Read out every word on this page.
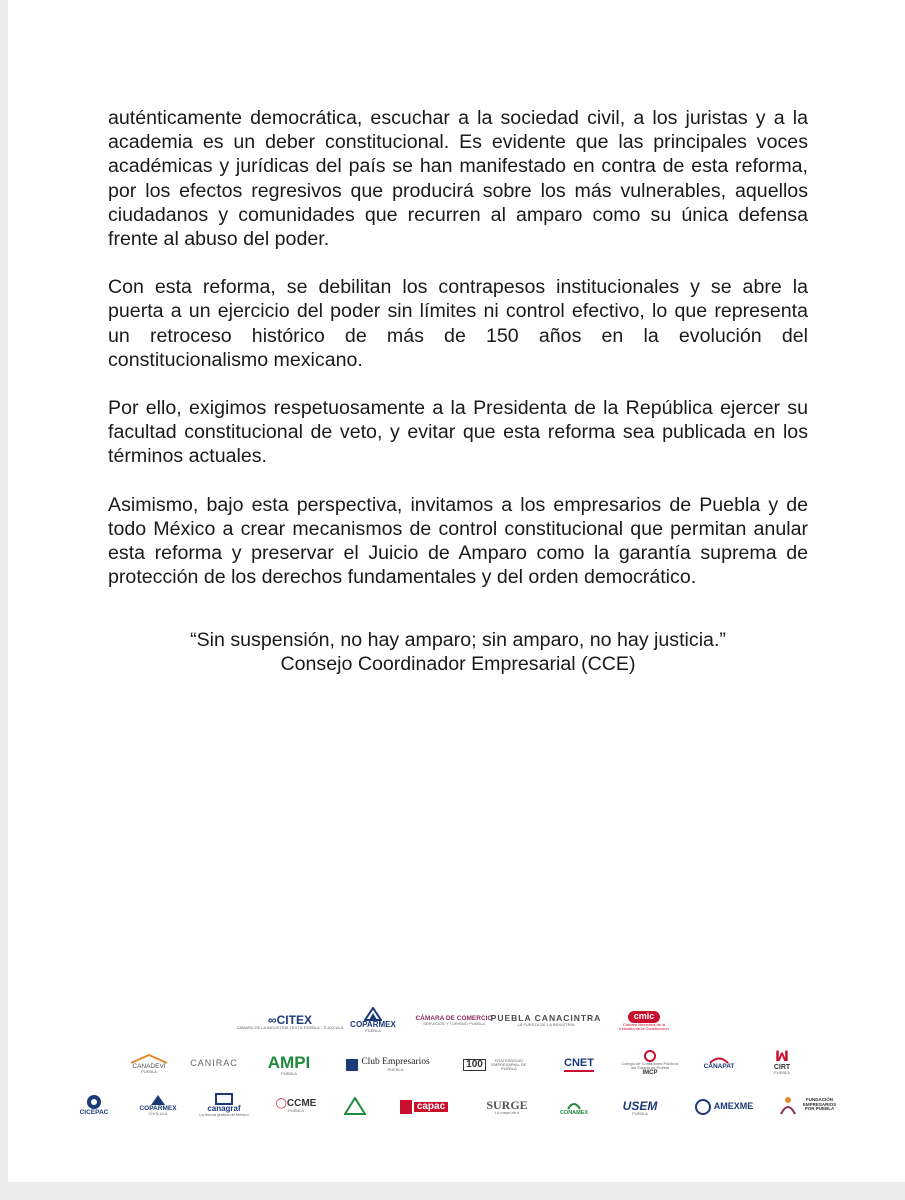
auténticamente democrática, escuchar a la sociedad civil, a los juristas y a la academia es un deber constitucional. Es evidente que las principales voces académicas y jurídicas del país se han manifestado en contra de esta reforma, por los efectos regresivos que producirá sobre los más vulnerables, aquellos ciudadanos y comunidades que recurren al amparo como su única defensa frente al abuso del poder.

Con esta reforma, se debilitan los contrapesos institucionales y se abre la puerta a un ejercicio del poder sin límites ni control efectivo, lo que representa un retroceso histórico de más de 150 años en la evolución del constitucionalismo mexicano.

Por ello, exigimos respetuosamente a la Presidenta de la República ejercer su facultad constitucional de veto, y evitar que esta reforma sea publicada en los términos actuales.

Asimismo, bajo esta perspectiva, invitamos a los empresarios de Puebla y de todo México a crear mecanismos de control constitucional que permitan anular esta reforma y preservar el Juicio de Amparo como la garantía suprema de protección de los derechos fundamentales y del orden democrático.

“Sin suspensión, no hay amparo; sin amparo, no hay justicia.”
Consejo Coordinador Empresarial (CCE)
∞CITEX
CÁMARA DE LA INDUSTRIA TEXTIL PUEBLA - TLAXCALA COPARMEX
PUEBLA
CÁMARA DE COMERCIO
SERVICIOS Y TURISMO PUEBLA
PUEBLA CANACINTRA
LA FUERZA DE LA INDUSTRIA
cmic
Cámara Mexicana de la Industria de la Construcción
CANADEVI
PUEBLA
CANIRAC AMPI
PUEBLA
Club Empresarios
PUEBLA	100	FRATERNIDAD EMPRESARIAL DE PUEBLA	CNET	Colegio de Contadores Públicos del Estado de Puebla
IMCP
CANAPAT
ꟽ
CIRT
PUEBLA
CICEPAC
COPARMEX
CHOLULA
canagraf
La fuerza gráfica de México
◯CCME
PUEBLA	capac	SURGE
Lo mejor de ti	CONAMEX
USEM
PUEBLA
AMEXME
FUNDACIÓN EMPRESARIOS POR PUEBLA
